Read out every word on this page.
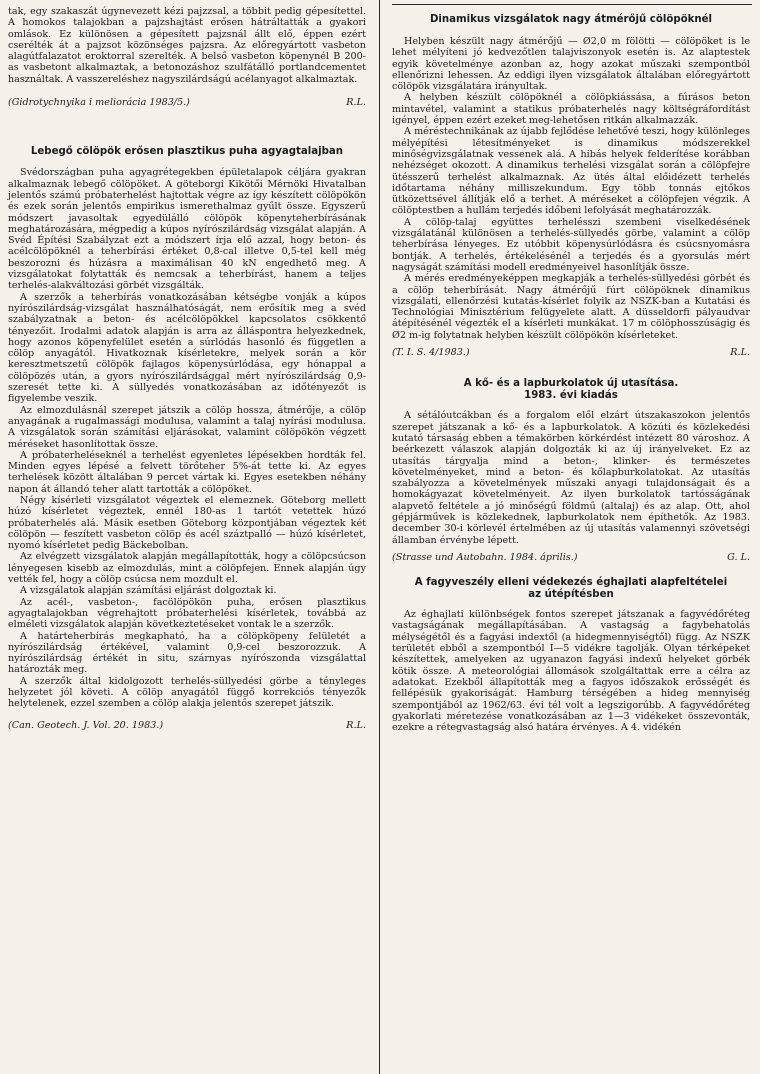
tak, egy szakaszát úgynevezett kézi pajzzsal, a többit pedig gépesítettel. A homokos talajokban a pajzshajtást erősen hátráltatták a gyakori omlások. Ez különösen a gépesített pajzsnál állt elő, éppen ezért cserélték át a pajzsot közönséges pajzsra. Az előregyártott vasbeton alagútfalazatot eroktorral szerelték. A belső vasbeton köpenynél B 200-as vasbetont alkalmaztak, a betonozáshoz szulfátálló portlandcementet használtak. A vasszereléshez nagyszilárdságú acélanyagot alkalmaztak.

(Gidrotychnyika i meliorácia 1983/5.)	R.L.
Lebegő cölöpök erősen plasztikus puha agyagtalajban

Svédországban puha agyagrétegekben épületalapok céljára gyakran alkalmaznak lebegő cölöpöket. A göteborgi Kikötői Mérnöki Hivatalban jelentős számú próbaterhelést hajtottak végre az így készített cölöpökön és ezek során jelentős empirikus ismerethalmaz gyűlt össze. Egyszerű módszert javasoltak egyedülálló cölöpök köpenyteherbírásának meghatározására, mégpedig a kúpos nyírószilárdság vizsgálat alapján. A Svéd Építési Szabályzat ezt a módszert írja elő azzal, hogy beton- és acélcölöpöknél a teherbírási értéket 0,8-cal illetve 0,5-tel kell még beszorozni és húzásra a maximálisan 40 kN engedhető meg. A vizsgálatokat folytatták és nemcsak a teherbírást, hanem a teljes terhelés-alakváltozási görbét vizsgálták.

A szerzők a teherbírás vonatkozásában kétségbe vonják a kúpos nyírószilárdság-vizsgálat használhatóságát, nem erősítik meg a svéd szabályzatnak a beton- és acélcölöpökkel kapcsolatos csökkentő tényezőit. Irodalmi adatok alapján is arra az álláspontra helyezkednek, hogy azonos köpenyfelület esetén a súrlódás hasonló és független a cölöp anyagától. Hivatkoznak kísérletekre, melyek során a kör keresztmetszetű cölöpök fajlagos köpenysúrlódása, egy hónappal a cölöpözés után, a gyors nyírószilárdsággal mért nyírószilárdság 0,9-szeresét tette ki. A süllyedés vonatkozásában az időtényezőt is figyelembe veszik.

Az elmozdulásnál szerepet játszik a cölöp hossza, átmérője, a cölöp anyagának a rugalmassági modulusa, valamint a talaj nyírási modulusa. A vizsgálatok során számítási eljárásokat, valamint cölöpökön végzett méréseket hasonlítottak össze.

A próbaterheléseknél a terhelést egyenletes lépésekben hordták fel. Minden egyes lépésé a felvett törőteher 5%-át tette ki. Az egyes terhelések között általában 9 percet vártak ki. Egyes esetekben néhány napon át állandó teher alatt tartották a cölöpöket.

Négy kísérleti vizsgálatot végeztek el elemeznek. Göteborg mellett húzó kísérletet végeztek, ennél 180-as 1 tartót vetettek húzó próbaterhelés alá. Másik esetben Göteborg központjában végeztek két cölöpön — feszített vasbeton cölöp és acél száztpalló — húzó kísérletet, nyomó kísérletet pedig Bäckebolban.

Az elvégzett vizsgálatok alapján megállapították, hogy a cölöpcsúcson lényegesen kisebb az elmozdulás, mint a cölöpfejen. Ennek alapján úgy vették fel, hogy a cölöp csúcsa nem mozdult el.

A vizsgálatok alapján számítási eljárást dolgoztak ki.

Az acél-, vasbeton-, facölöpökön puha, erősen plasztikus agyagtalajokban végrehajtott próbaterhelési kísérletek, továbbá az elméleti vizsgálatok alapján következtetéseket vontak le a szerzők.

A határteherbírás megkapható, ha a cölöpköpeny felületét a nyírószilárdság értékével, valamint 0,9-cel beszorozzuk. A nyírószilárdság értékét in situ, szárnyas nyírószonda vizsgálattal határozták meg.

A szerzők által kidolgozott terhelés-süllyedési görbe a tényleges helyzetet jól követi. A cölöp anyagától függő korrekciós tényezők helytelenek, ezzel szemben a cölöp alakja jelentős szerepet játszik.

(Can. Geotech. J. Vol. 20. 1983.)	R.L.
Dinamikus vizsgálatok nagy átmérőjű cölöpöknél

Helyben készült nagy átmérőjű — Ø2,0 m fölötti — cölöpöket is le lehet mélyíteni jó kedvezőtlen talajviszonyok esetén is. Az alaptestek egyik követelménye azonban az, hogy azokat műszaki szempontból ellenőrizni lehessen. Az eddigi ilyen vizsgálatok általában előregyártott cölöpök vizsgálatára irányultak.

A helyben készült cölöpöknél a cölöpkiássása, a fúrásos beton mintavétel, valamint a statikus próbaterhelés nagy költségráfordítást igényel, éppen ezért ezeket meg-lehetősen ritkán alkalmazzák.

A méréstechnikának az újabb fejlődése lehetővé teszi, hogy különleges mélyépítési létesítményeket is dinamikus módszerekkel minőségvizsgálatnak vessenek alá. A hibás helyek felderítése korábban nehézséget okozott. A dinamikus terhelési vizsgálat során a cölöpfejre ütésszerű terhelést alkalmaznak. Az ütés által előidézett terhelés időtartama néhány milliszekundum. Egy több tonnás ejtőkos ütközettsével állítják elő a terhet. A méréseket a cölöpfejen végzik. A cölöptestben a hullám terjedés időbeni lefolyását meghatározzák.

A cölöp-talaj együttes terhelésszi szembeni viselkedésének vizsgálatánál különösen a terhelés-süllyedés görbe, valamint a cölöp teherbírása lényeges. Ez utóbbit köpenysúrlódásra és csúcsnyomásra bontják. A terhelés, értékelésénél a terjedés és a gyorsulás mért nagyságát számítási modell eredményeivel hasonlítják össze.

A mérés eredményeképpen megkapják a terhelés-süllyedési görbét és a cölöp teherbírását. Nagy átmérőjű fúrt cölöpöknek dinamikus vizsgálati, ellenőrzési kutatás-kísérlet folyik az NSZK-ban a Kutatási és Technológiai Minisztérium felügyelete alatt. A düsseldorfi pályaudvar átépítésénél végezték el a kísérleti munkákat. 17 m cölöphosszúságig és Ø2 m-ig folytatnak helyben készült cölöpökön kísérleteket.

(T. I. S. 4/1983.)	R.L.
A kő- és a lapburkolatok új utasítása.
1983. évi kiadás

A sétálóutcákban és a forgalom elől elzárt útszakaszokon jelentős szerepet játszanak a kő- és a lapburkolatok. A közúti és közlekedési kutató társaság ebben a témakörben körkérdést intézett 80 városhoz. A beérkezett válaszok alapján dolgozták ki az új irányelveket. Ez az utasítás tárgyalja mind a beton-, klinker- és természetes követelményeket, mind a beton- és kőlapburkolatokat. Az utasítás szabályozza a követelmények műszaki anyagi tulajdonságait és a homokágyazat követelményeit. Az ilyen burkolatok tartósságának alapvető feltétele a jó minőségű földmű (altalaj) és az alap. Ott, ahol gépjárművek is közlekednek, lapburkolatok nem építhetők. Az 1983. december 30-i körlevél értelmében az új utasítás valamennyi szövetségi államban érvénybe lépett.

(Strasse und Autobahn. 1984. április.)	G. L.
A fagyveszély elleni védekezés éghajlati alapfeltételei
az útépítésben

Az éghajlati különbségek fontos szerepet játszanak a fagyvédőréteg vastagságának megállapításában. A vastagság a fagybehatolás mélységétől és a fagyási indextől (a hidegmennyiségtől) függ. Az NSZK területét ebből a szempontból I—5 vidékre tagolják. Olyan térképeket készítettek, amelyeken az ugyanazon fagyási indexű helyeket görbék kötik össze. A meteorológiai állomások szolgáltattak erre a célra az adatokat. Ezekből állapították meg a fagyos időszakok erősségét és fellépésük gyakoriságát. Hamburg térségében a hideg mennyiség szempontjából az 1962/63. évi tél volt a legszigorúbb. A fagyvédőréteg gyakorlati méretezése vonatkozásában az 1—3 vidékeket összevonták, ezekre a rétegvastagság alsó határa érvényes. A 4. vidékén
